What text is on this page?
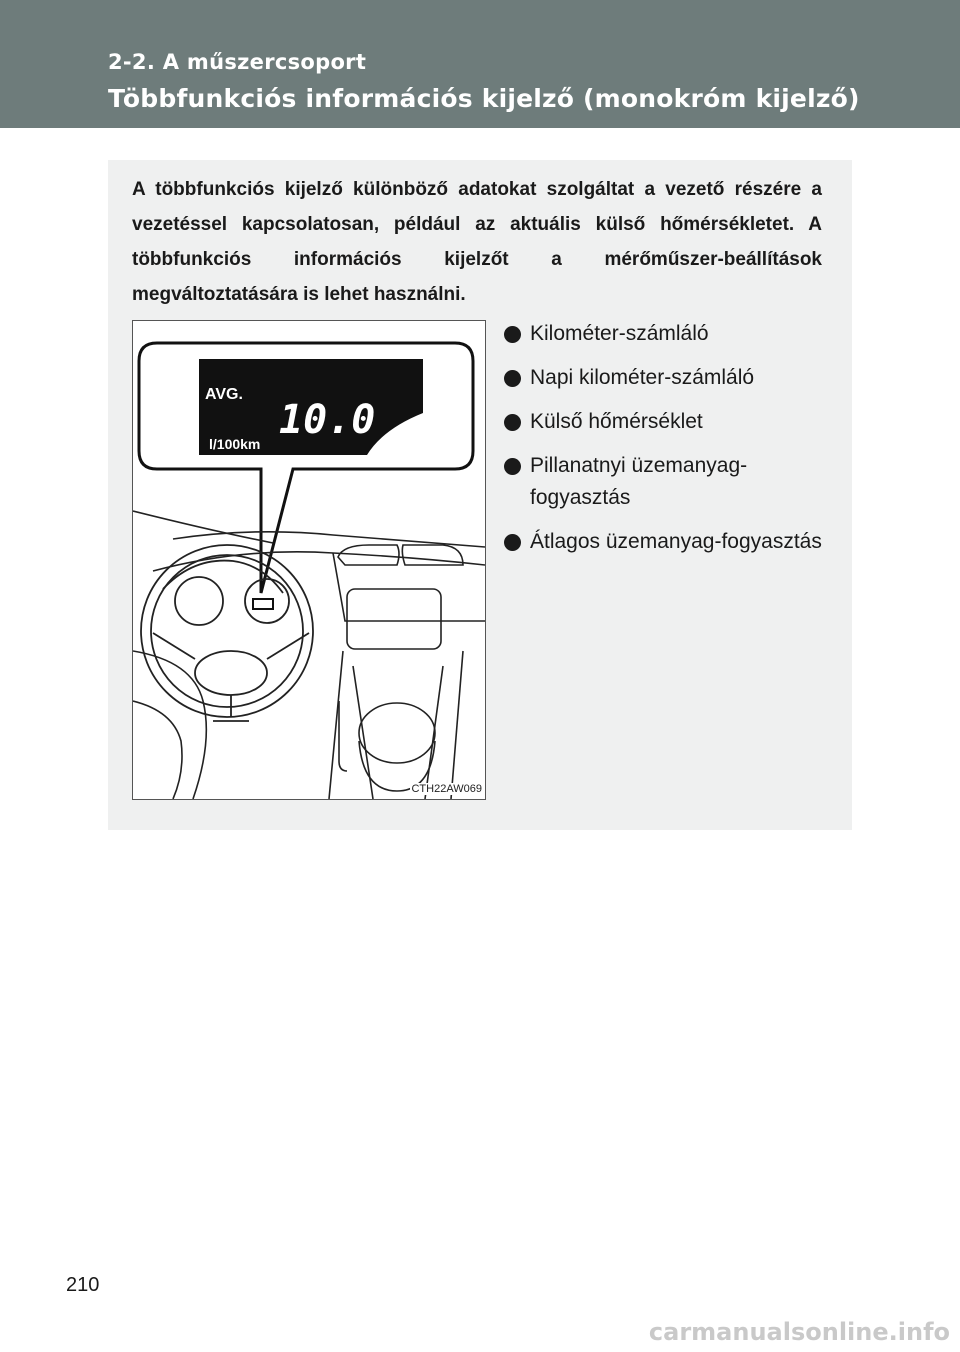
2-2. A műszercsoport
Többfunkciós információs kijelző (monokróm kijelző)
A többfunkciós kijelző különböző adatokat szolgáltat a vezető részére a vezetéssel kapcsolatosan, például az aktuális külső hőmérsékletet. A többfunkciós információs kijelzőt a mérőműszer-beállítások megváltoztatására is lehet használni.
AVG.
10.0
l/100km
CTH22AW069
Kilométer-számláló
Napi kilométer-számláló
Külső hőmérséklet
Pillanatnyi üzemanyag-fogyasztás
Átlagos üzemanyag-fogyasztás
210
carmanualsonline.info
